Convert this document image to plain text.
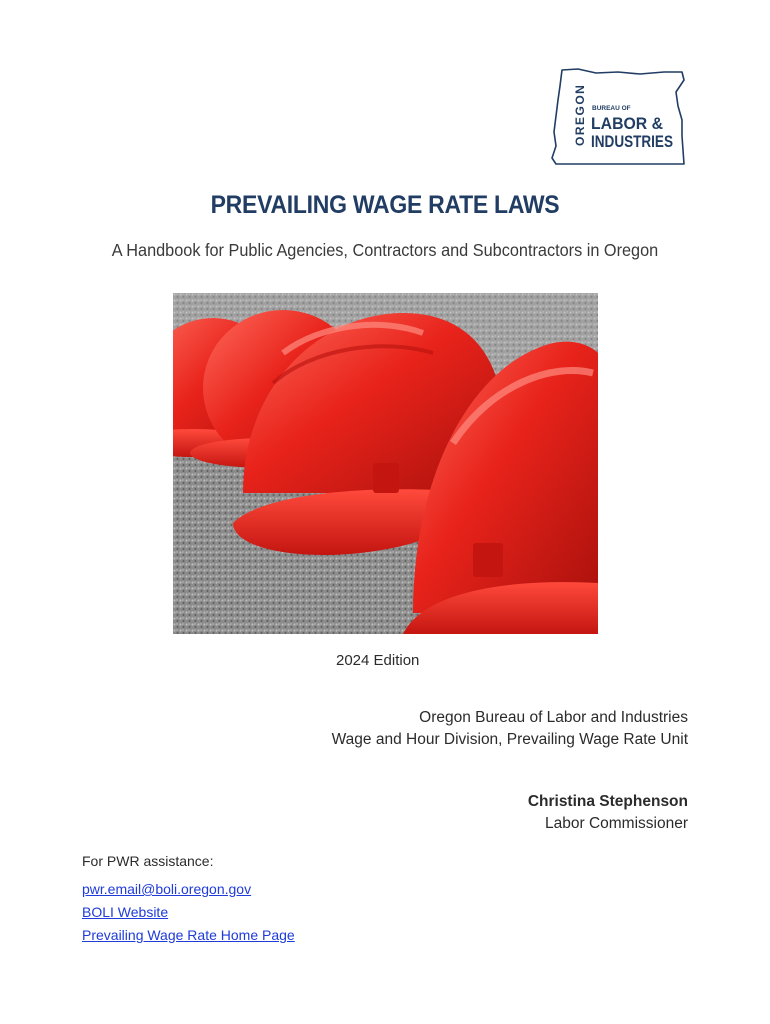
OREGON BUREAU OF
LABOR &
INDUSTRIES
PREVAILING WAGE RATE LAWS
A Handbook for Public Agencies, Contractors and Subcontractors in Oregon
2024 Edition
Oregon Bureau of Labor and Industries
Wage and Hour Division, Prevailing Wage Rate Unit
Christina Stephenson
Labor Commissioner
For PWR assistance:
pwr.email@boli.oregon.gov
BOLI Website
Prevailing Wage Rate Home Page
